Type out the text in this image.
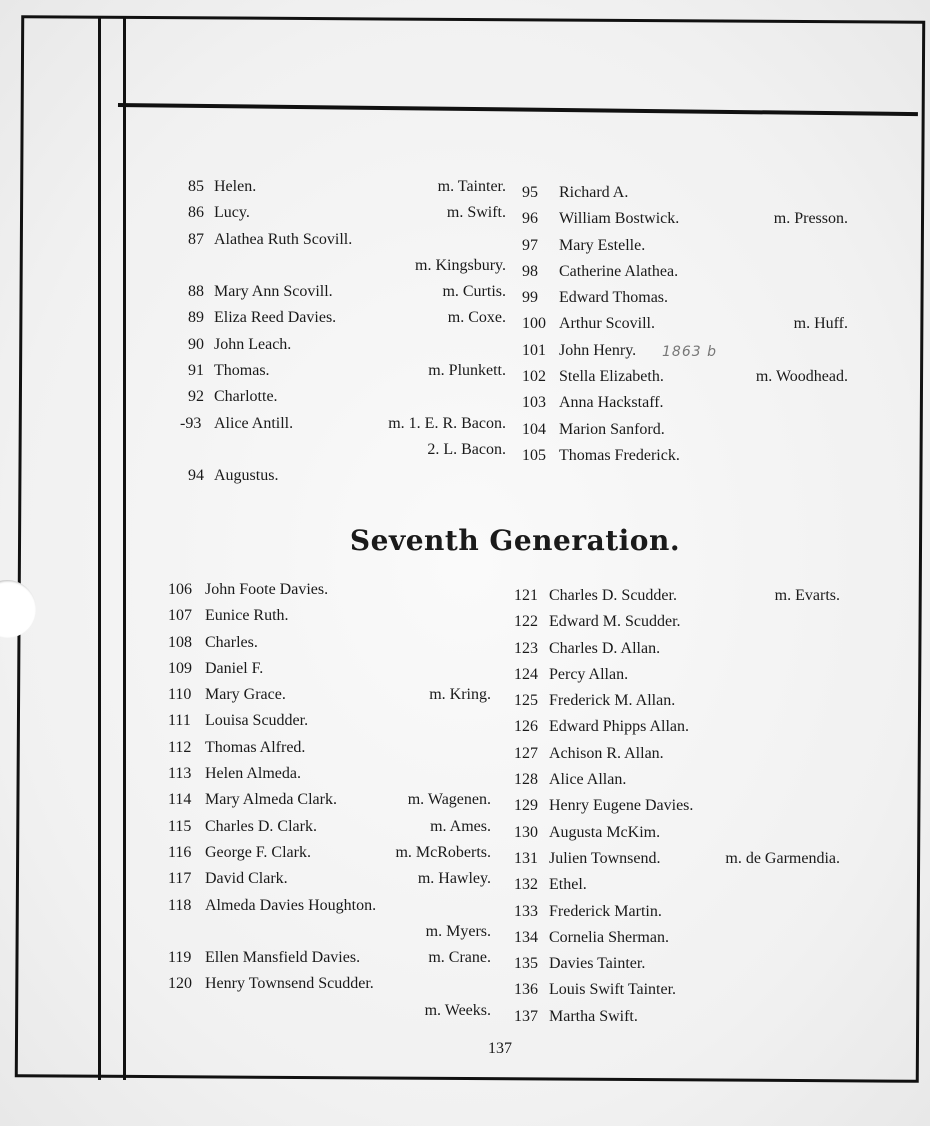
85 Helen.	m. Tainter.
86 Lucy.	m. Swift.
87 Alathea Ruth Scovill.
m. Kingsbury.
88 Mary Ann Scovill.	m. Curtis.
89 Eliza Reed Davies.	m. Coxe.
90 John Leach.
91 Thomas.	m. Plunkett.
92 Charlotte.
-93 Alice Antill.	m. 1. E. R. Bacon.
2. L. Bacon.
94 Augustus.
95 Richard A.
96 William Bostwick.	m. Presson.
97 Mary Estelle.
98 Catherine Alathea.
99 Edward Thomas.
100 Arthur Scovill.	m. Huff.
101 John Henry.
102 Stella Elizabeth.	m. Woodhead.
103 Anna Hackstaff.
104 Marion Sanford.
105 Thomas Frederick.
1863 b
Seventh Generation.
106 John Foote Davies.
107 Eunice Ruth.
108 Charles.
109 Daniel F.
110 Mary Grace.	m. Kring.
111 Louisa Scudder.
112 Thomas Alfred.
113 Helen Almeda.
114 Mary Almeda Clark.	m. Wagenen.
115 Charles D. Clark.	m. Ames.
116 George F. Clark.	m. McRoberts.
117 David Clark.	m. Hawley.
118 Almeda Davies Houghton.
m. Myers.
119 Ellen Mansfield Davies.	m. Crane.
120 Henry Townsend Scudder.
m. Weeks.
121 Charles D. Scudder.	m. Evarts.
122 Edward M. Scudder.
123 Charles D. Allan.
124 Percy Allan.
125 Frederick M. Allan.
126 Edward Phipps Allan.
127 Achison R. Allan.
128 Alice Allan.
129 Henry Eugene Davies.
130 Augusta McKim.
131 Julien Townsend.	m. de Garmendia.
132 Ethel.
133 Frederick Martin.
134 Cornelia Sherman.
135 Davies Tainter.
136 Louis Swift Tainter.
137 Martha Swift.
137
